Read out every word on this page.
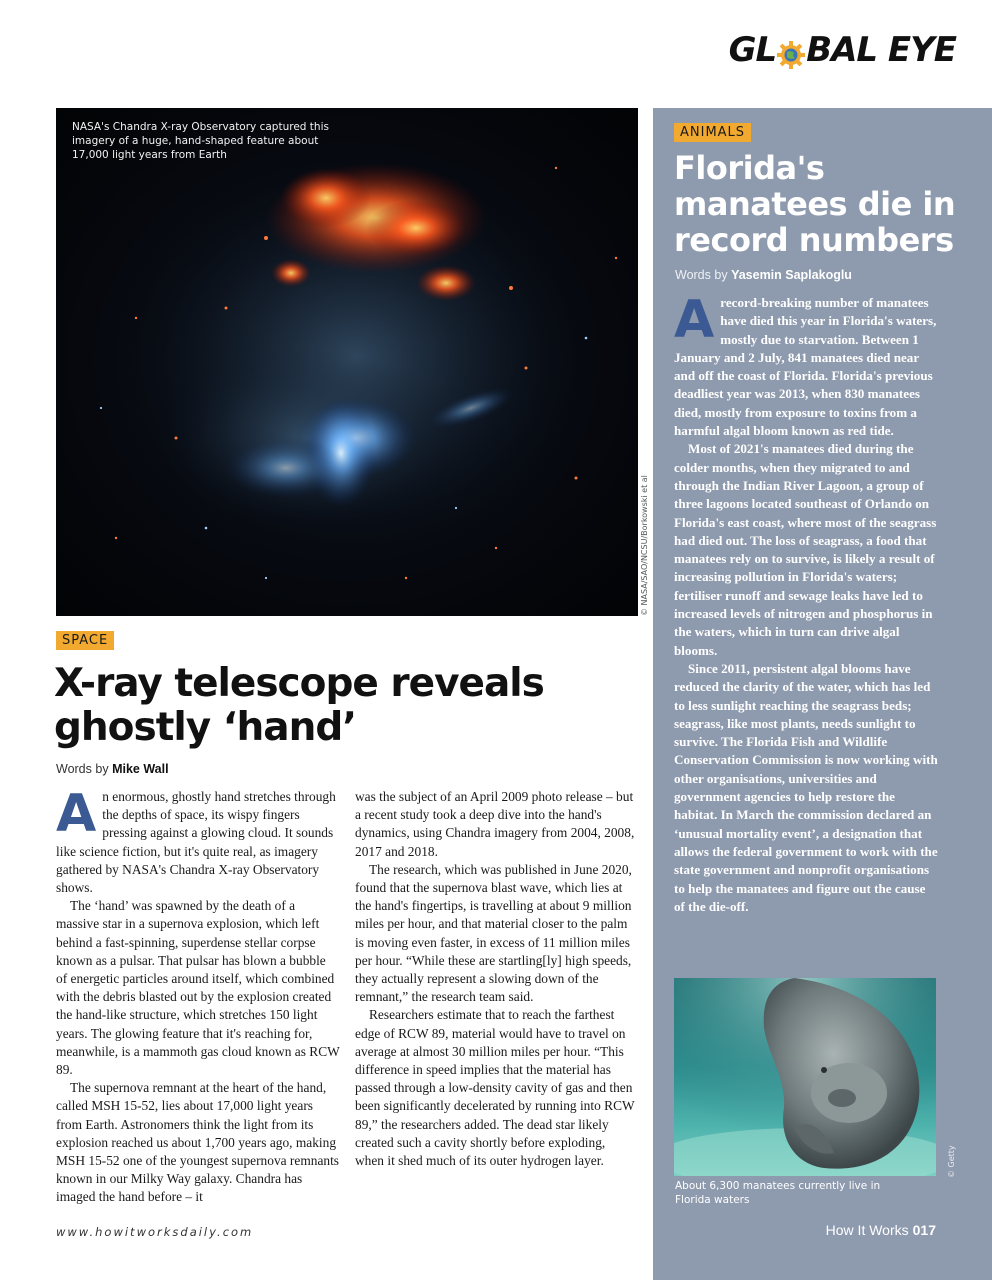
GL BAL EYE
NASA's Chandra X-ray Observatory captured this imagery of a huge, hand-shaped feature about 17,000 light years from Earth
© NASA/SAO/NCSU/Borkowski et al
SPACE
X-ray telescope reveals ghostly ‘hand’
Words by Mike Wall

An enormous, ghostly hand stretches through the depths of space, its wispy fingers pressing against a glowing cloud. It sounds like science fiction, but it's quite real, as imagery gathered by NASA's Chandra X-ray Observatory shows.

The ‘hand’ was spawned by the death of a massive star in a supernova explosion, which left behind a fast-spinning, superdense stellar corpse known as a pulsar. That pulsar has blown a bubble of energetic particles around itself, which combined with the debris blasted out by the explosion created the hand-like structure, which stretches 150 light years. The glowing feature that it's reaching for, meanwhile, is a mammoth gas cloud known as RCW 89.

The supernova remnant at the heart of the hand, called MSH 15-52, lies about 17,000 light years from Earth. Astronomers think the light from its explosion reached us about 1,700 years ago, making MSH 15-52 one of the youngest supernova remnants known in our Milky Way galaxy. Chandra has imaged the hand before – it

was the subject of an April 2009 photo release – but a recent study took a deep dive into the hand's dynamics, using Chandra imagery from 2004, 2008, 2017 and 2018.

The research, which was published in June 2020, found that the supernova blast wave, which lies at the hand's fingertips, is travelling at about 9 million miles per hour, and that material closer to the palm is moving even faster, in excess of 11 million miles per hour. “While these are startling[ly] high speeds, they actually represent a slowing down of the remnant,” the research team said.

Researchers estimate that to reach the farthest edge of RCW 89, material would have to travel on average at almost 30 million miles per hour. “This difference in speed implies that the material has passed through a low-density cavity of gas and then been significantly decelerated by running into RCW 89,” the researchers added. The dead star likely created such a cavity shortly before exploding, when it shed much of its outer hydrogen layer.

www.howitworksdaily.com
ANIMALS
Florida's manatees die in record numbers
Words by Yasemin Saplakoglu

A record-breaking number of manatees have died this year in Florida's waters, mostly due to starvation. Between 1 January and 2 July, 841 manatees died near and off the coast of Florida. Florida's previous deadliest year was 2013, when 830 manatees died, mostly from exposure to toxins from a harmful algal bloom known as red tide.

Most of 2021's manatees died during the colder months, when they migrated to and through the Indian River Lagoon, a group of three lagoons located southeast of Orlando on Florida's east coast, where most of the seagrass had died out. The loss of seagrass, a food that manatees rely on to survive, is likely a result of increasing pollution in Florida's waters; fertiliser runoff and sewage leaks have led to increased levels of nitrogen and phosphorus in the waters, which in turn can drive algal blooms.

Since 2011, persistent algal blooms have reduced the clarity of the water, which has led to less sunlight reaching the seagrass beds; seagrass, like most plants, needs sunlight to survive. The Florida Fish and Wildlife Conservation Commission is now working with other organisations, universities and government agencies to help restore the habitat. In March the commission declared an ‘unusual mortality event’, a designation that allows the federal government to work with the state government and nonprofit organisations to help the manatees and figure out the cause of the die-off.

© Getty
About 6,300 manatees currently live in Florida waters
How It Works 017
